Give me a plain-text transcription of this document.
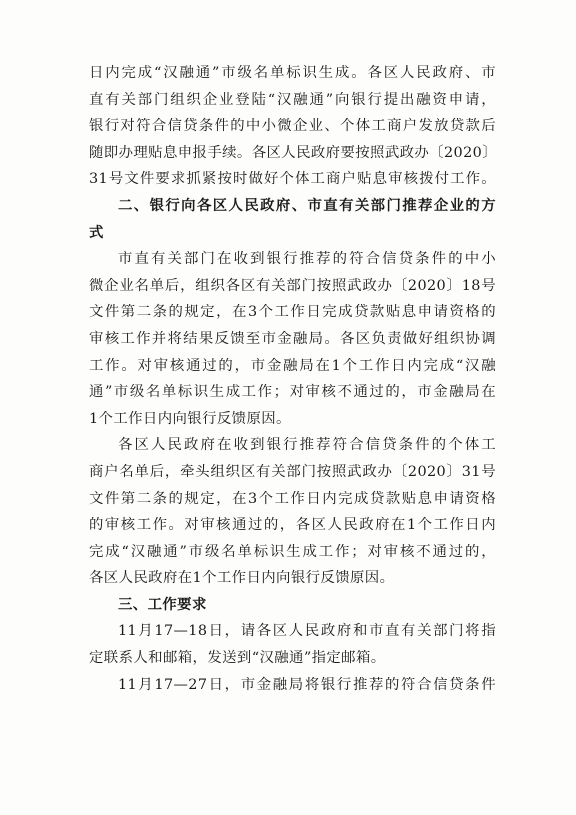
日内完成“汉融通”市级名单标识生成。各区人民政府、市
直有关部门组织企业登陆“汉融通”向银行提出融资申请，
银行对符合信贷条件的中小微企业、个体工商户发放贷款后
随即办理贴息申报手续。各区人民政府要按照武政办〔2020〕
31号文件要求抓紧按时做好个体工商户贴息审核拨付工作。
二、银行向各区人民政府、市直有关部门推荐企业的方
式
市直有关部门在收到银行推荐的符合信贷条件的中小
微企业名单后，组织各区有关部门按照武政办〔2020〕18号
文件第二条的规定，在3个工作日完成贷款贴息申请资格的
审核工作并将结果反馈至市金融局。各区负责做好组织协调
工作。对审核通过的，市金融局在1个工作日内完成“汉融
通”市级名单标识生成工作；对审核不通过的，市金融局在
1个工作日内向银行反馈原因。
各区人民政府在收到银行推荐符合信贷条件的个体工
商户名单后，牵头组织区有关部门按照武政办〔2020〕31号
文件第二条的规定，在3个工作日内完成贷款贴息申请资格
的审核工作。对审核通过的，各区人民政府在1个工作日内
完成“汉融通”市级名单标识生成工作；对审核不通过的，
各区人民政府在1个工作日内向银行反馈原因。
三、工作要求
11月17—18日，请各区人民政府和市直有关部门将指
定联系人和邮箱，发送到“汉融通”指定邮箱。
11月17—27日，市金融局将银行推荐的符合信贷条件
